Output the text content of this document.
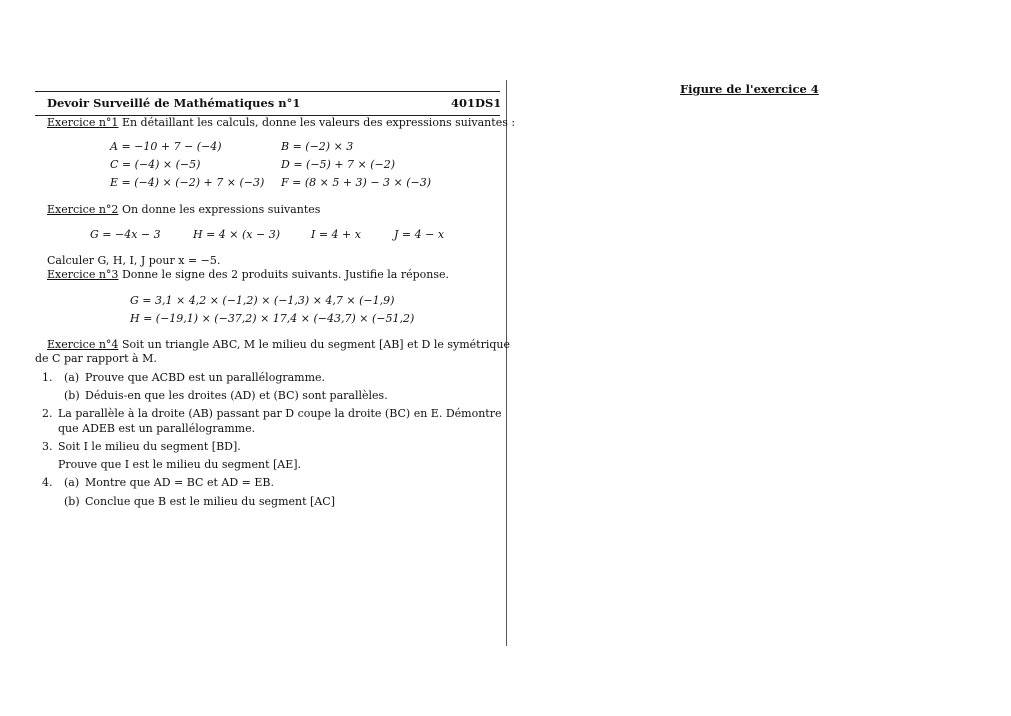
Devoir Surveillé de Mathématiques n°1	401DS1
Figure de l'exercice 4
Exercice n°1 En détaillant les calculs, donne les valeurs des expressions suivantes :
A = −10 + 7 − (−4)	B = (−2) × 3
C = (−4) × (−5)	D = (−5) + 7 × (−2)
E = (−4) × (−2) + 7 × (−3) F = (8 × 5 + 3) − 3 × (−3)
Exercice n°2 On donne les expressions suivantes
G = −4x − 3	H = 4 × (x − 3)	I = 4 + x	J = 4 − x
Calculer G, H, I, J pour x = −5.
Exercice n°3 Donne le signe des 2 produits suivants. Justifie la réponse.
G = 3,1 × 4,2 × (−1,2) × (−1,3) × 4,7 × (−1,9)
H = (−19,1) × (−37,2) × 17,4 × (−43,7) × (−51,2)
Exercice n°4 Soit un triangle ABC, M le milieu du segment [AB] et D le symétrique
de C par rapport à M.
1. (a) Prouve que ACBD est un parallélogramme.
(b) Déduis-en que les droites (AD) et (BC) sont parallèles.
2. La parallèle à la droite (AB) passant par D coupe la droite (BC) en E. Démontre
que ADEB est un parallélogramme.
3. Soit I le milieu du segment [BD].
Prouve que I est le milieu du segment [AE].
4. (a) Montre que AD = BC et AD = EB.
(b) Conclue que B est le milieu du segment [AC]
